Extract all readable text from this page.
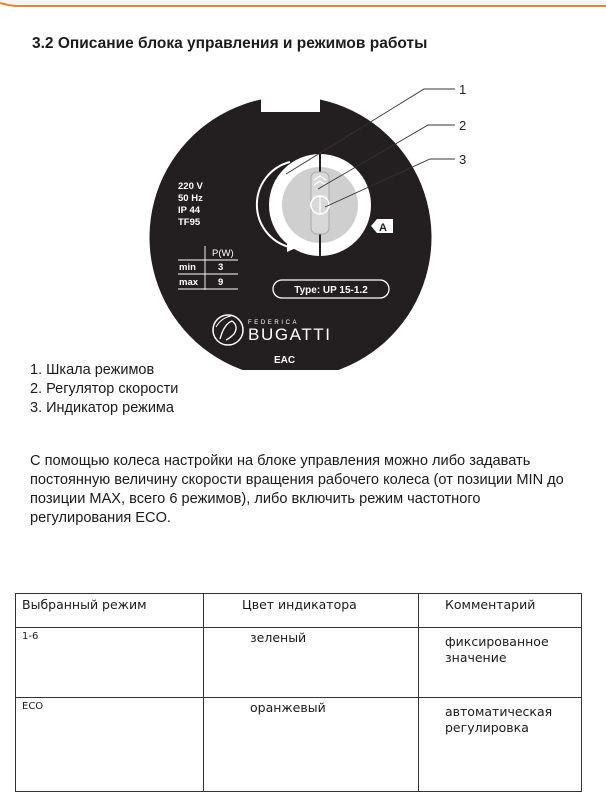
3.2 Описание блока управления и режимов работы
220 V
50 Hz
IP 44
TF95
P(W)
min 3
max 9
max
min eco
A
Type: UP 15-1.2
FEDERICA
BUGATTI
EAC
1
2
3
1. Шкала режимов
2. Регулятор скорости
3. Индикатор режима
С помощью колеса настройки на блоке управления можно либо задавать постоянную величину скорости вращения рабочего колеса (от позиции MIN до позиции MAX, всего 6 режимов), либо включить режим частотного регулирования ECO.
Выбранный режим	Цвет индикатора	Комментарий
1-6	зеленый	фиксированное значение

ECO	оранжевый	автоматическая регулировка
